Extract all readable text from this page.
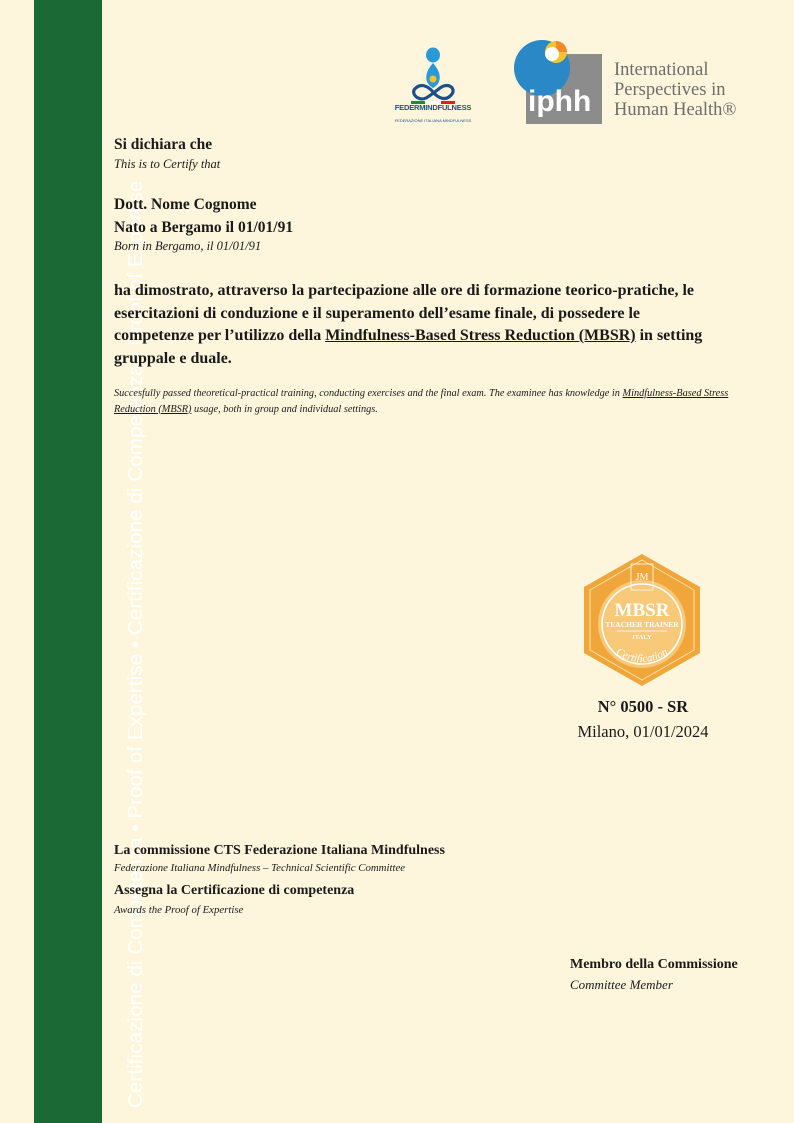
Certificazione di Competenza • Proof of Expertise • Certificazione di Competenza • Proof of Expertise
FEDERMINDFULNESS
FEDERAZIONE ITALIANA MINDFULNESS
iphh
International
Perspectives in
Human Health®
Si dichiara che
This is to Certify that
Dott. Nome Cognome
Nato a Bergamo il 01/01/91
Born in Bergamo, il 01/01/91
ha dimostrato, attraverso la partecipazione alle ore di formazione teorico-pratiche, le esercitazioni di conduzione e il superamento dell’esame finale, di possedere le competenze per l’utilizzo della Mindfulness-Based Stress Reduction (MBSR) in setting gruppale e duale.
Succesfully passed theoretical-practical training, conducting exercises and the final exam. The examinee has knowledge in Mindfulness-Based Stress Reduction (MBSR) usage, both in group and individual settings.
JM
MBSR
TEACHER TRAINER
ITALY
Certification
N° 0500 - SR
Milano, 01/01/2024
La commissione CTS Federazione Italiana Mindfulness
Federazione Italiana Mindfulness – Technical Scientific Committee
Assegna la Certificazione di competenza
Awards the Proof of Expertise
Membro della Commissione
Committee Member
